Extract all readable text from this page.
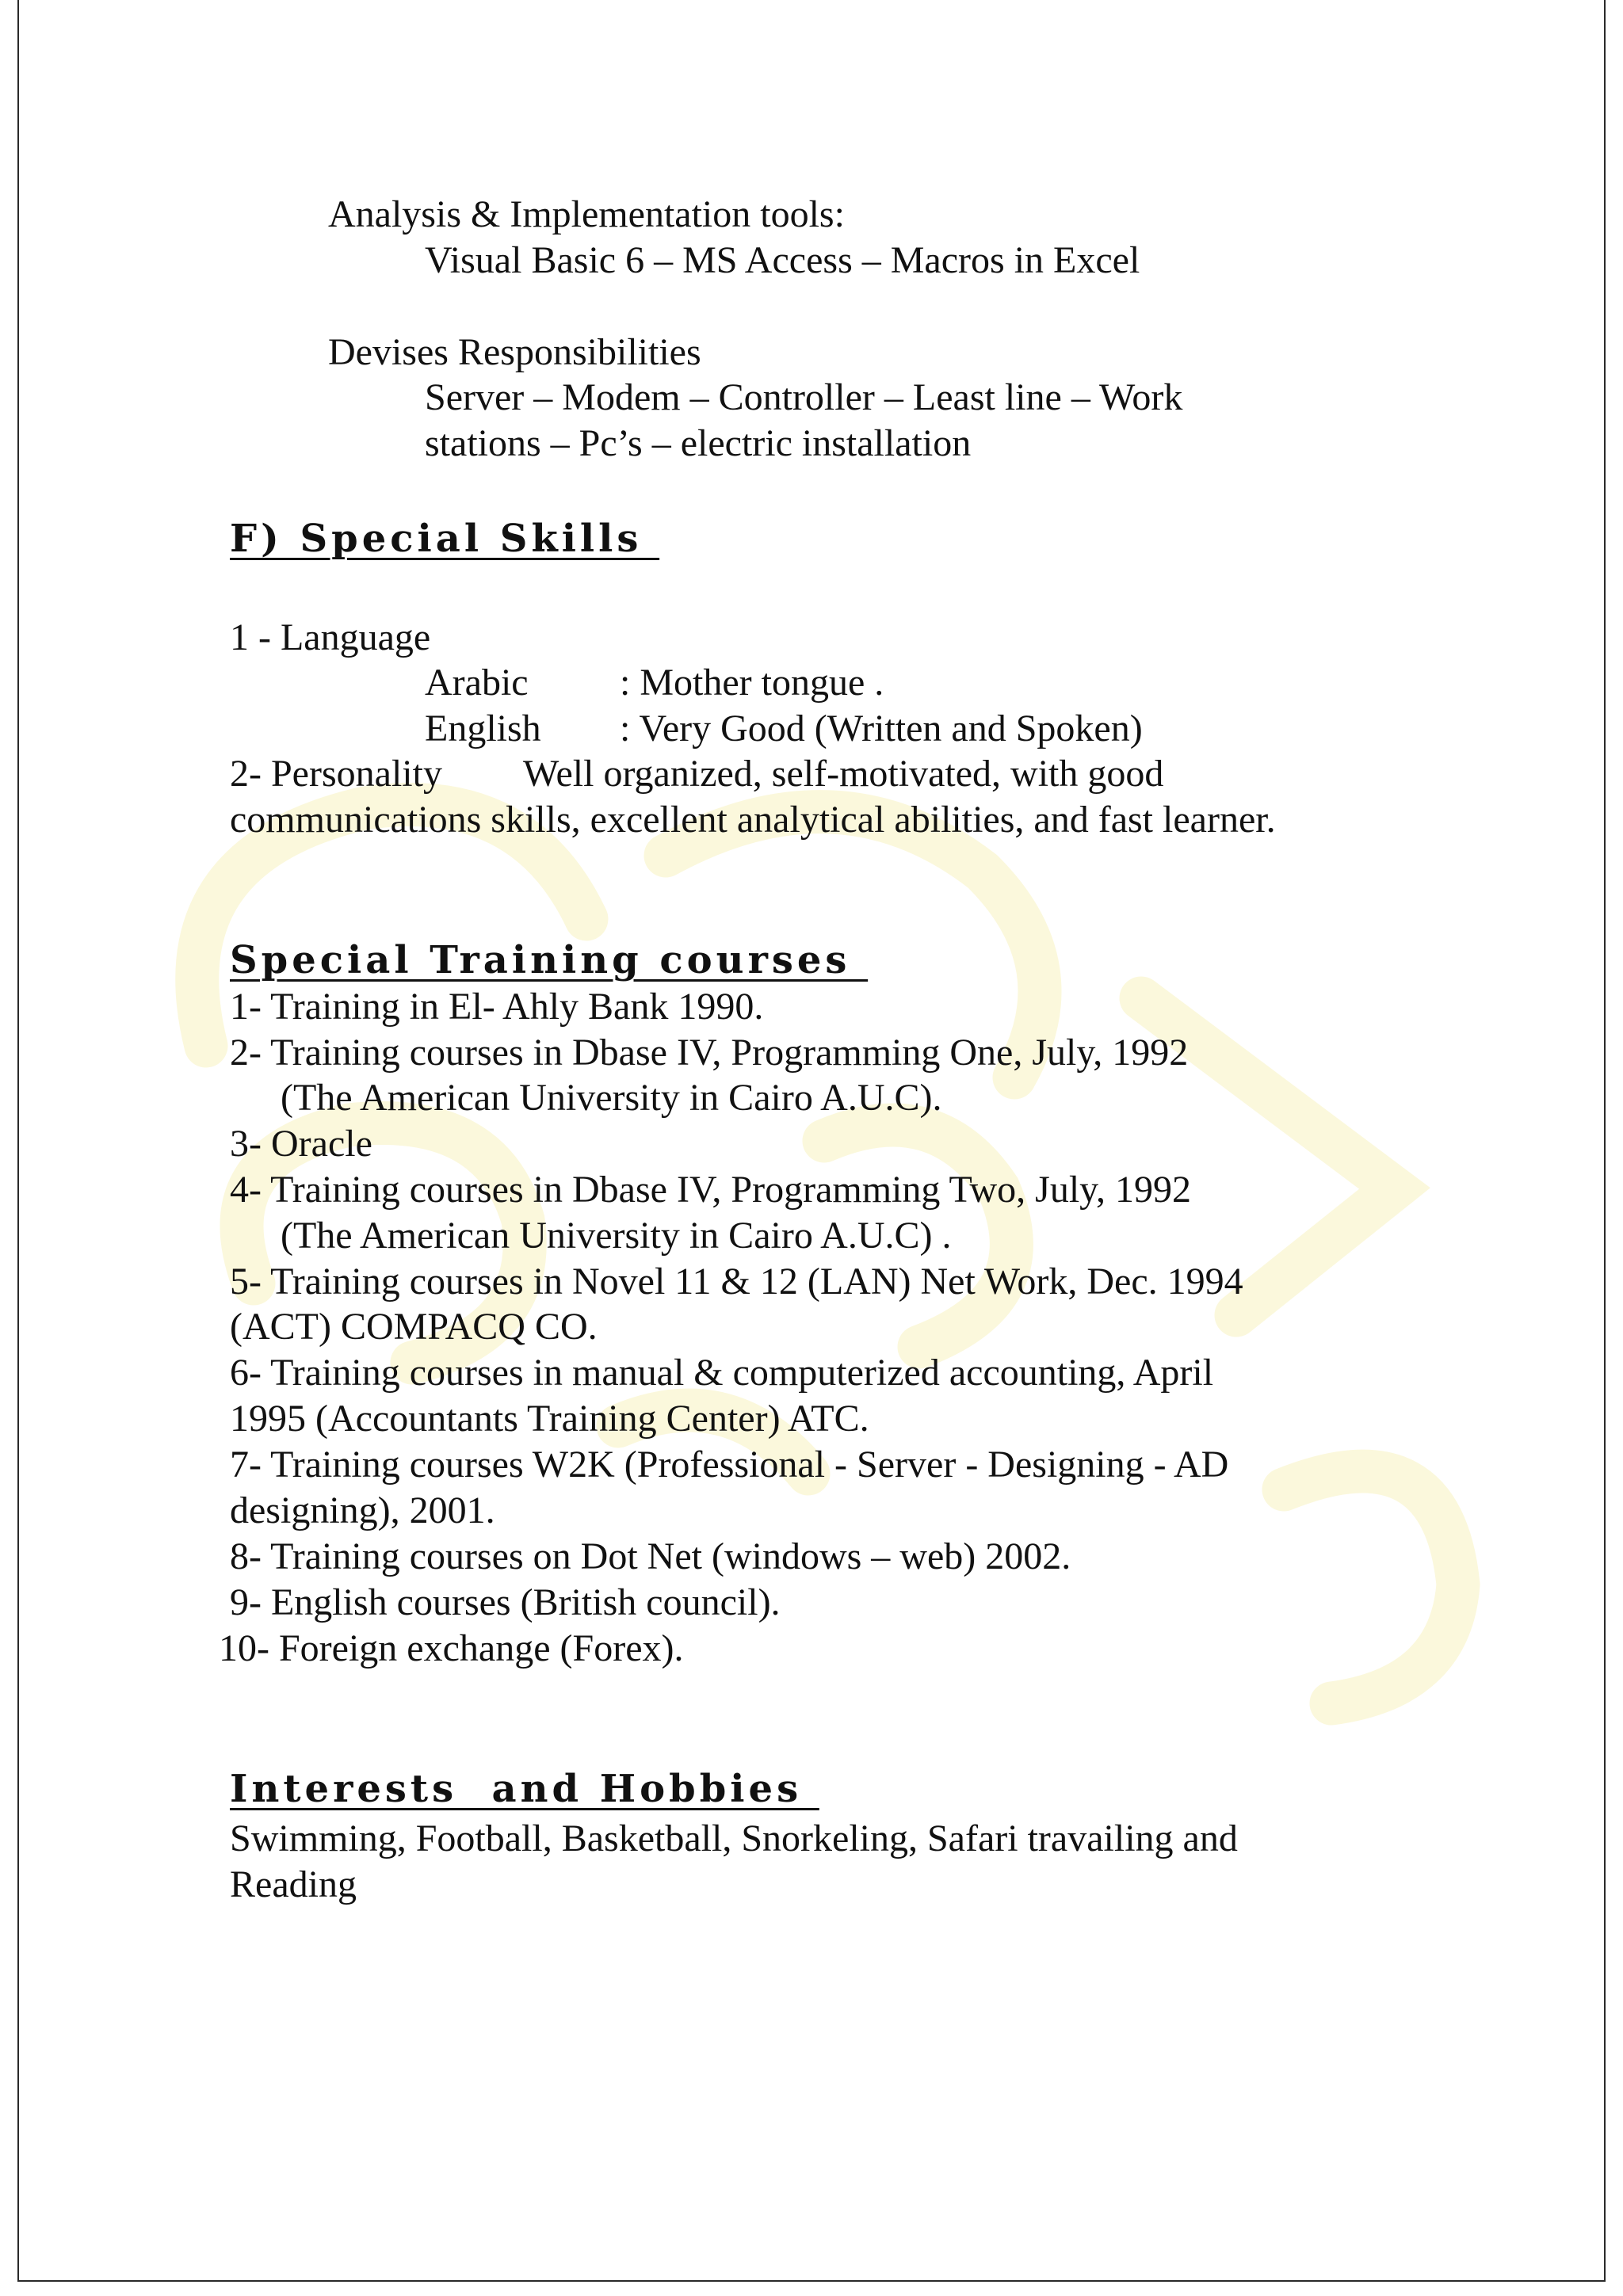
Analysis & Implementation tools:
Visual Basic 6 – MS Access – Macros in Excel
Devises Responsibilities
Server – Modem – Controller – Least line – Work
stations – Pc’s – electric installation
F) Special Skills
1 - Language
Arabic : Mother tongue .
English : Very Good (Written and Spoken)
2- Personality Well organized, self-motivated, with good
communications skills, excellent analytical abilities, and fast learner.
Special Training courses
1- Training in El- Ahly Bank 1990.
2- Training courses in Dbase IV, Programming One, July, 1992
(The American University in Cairo A.U.C).
3- Oracle
4- Training courses in Dbase IV, Programming Two, July, 1992
(The American University in Cairo A.U.C) .
5- Training courses in Novel 11 & 12 (LAN) Net Work, Dec. 1994
(ACT) COMPACQ CO.
6- Training courses in manual & computerized accounting, April
1995 (Accountants Training Center) ATC.
7- Training courses W2K (Professional - Server - Designing - AD
designing), 2001.
8- Training courses on Dot Net (windows – web) 2002.
9- English courses (British council).
10- Foreign exchange (Forex).
Interests  and Hobbies
Swimming, Football, Basketball, Snorkeling, Safari travailing and
Reading
